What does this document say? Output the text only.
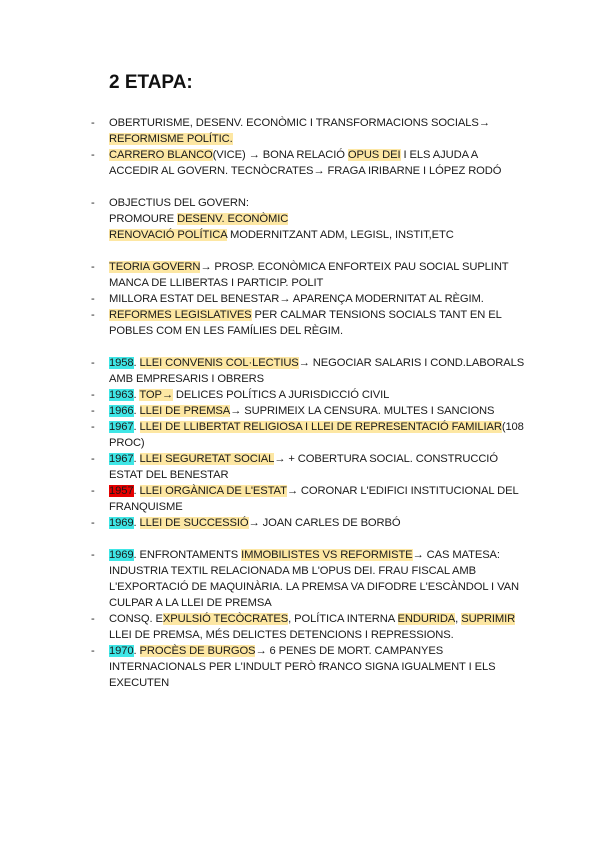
2 ETAPA:
- OBERTURISME, DESENV. ECONÒMIC I TRANSFORMACIONS SOCIALS→ REFORMISME POLÍTIC.
- CARRERO BLANCO(VICE) → BONA RELACIÓ OPUS DEI I ELS AJUDA A ACCEDIR AL GOVERN. TECNÒCRATES→ FRAGA IRIBARNE I LÓPEZ RODÓ
- OBJECTIUS DEL GOVERN:
PROMOURE DESENV. ECONÒMIC
RENOVACIÓ POLÍTICA MODERNITZANT ADM, LEGISL, INSTIT,ETC
- TEORIA GOVERN→ PROSP. ECONÒMICA ENFORTEIX PAU SOCIAL SUPLINT MANCA DE LLIBERTAS I PARTICIP. POLIT
- MILLORA ESTAT DEL BENESTAR→ APARENÇA MODERNITAT AL RÈGIM.
- REFORMES LEGISLATIVES PER CALMAR TENSIONS SOCIALS TANT EN EL POBLES COM EN LES FAMÍLIES DEL RÈGIM.
- 1958. LLEI CONVENIS COL·LECTIUS→ NEGOCIAR SALARIS I COND.LABORALS AMB EMPRESARIS I OBRERS
- 1963. TOP→ DELICES POLÍTICS A JURISDICCIÓ CIVIL
- 1966. LLEI DE PREMSA→ SUPRIMEIX LA CENSURA. MULTES I SANCIONS
- 1967. LLEI DE LLIBERTAT RELIGIOSA I LLEI DE REPRESENTACIÓ FAMILIAR(108 PROC)
- 1967. LLEI SEGURETAT SOCIAL→ + COBERTURA SOCIAL. CONSTRUCCIÓ ESTAT DEL BENESTAR
- 1957. LLEI ORGÀNICA DE L'ESTAT→ CORONAR L'EDIFICI INSTITUCIONAL DEL FRANQUISME
- 1969. LLEI DE SUCCESSIÓ→ JOAN CARLES DE BORBÓ
- 1969. ENFRONTAMENTS IMMOBILISTES VS REFORMISTE→ CAS MATESA: INDUSTRIA TEXTIL RELACIONADA MB L'OPUS DEI. FRAU FISCAL AMB L'EXPORTACIÓ DE MAQUINÀRIA. LA PREMSA VA DIFODRE L'ESCÀNDOL I VAN CULPAR A LA LLEI DE PREMSA
- CONSQ. EXPULSIÓ TECÒCRATES, POLÍTICA INTERNA ENDURIDA, SUPRIMIR LLEI DE PREMSA, MÉS DELICTES DETENCIONS I REPRESSIONS.
- 1970. PROCÈS DE BURGOS→ 6 PENES DE MORT. CAMPANYES INTERNACIONALS PER L'INDULT PERÒ fRANCO SIGNA IGUALMENT I ELS EXECUTEN
